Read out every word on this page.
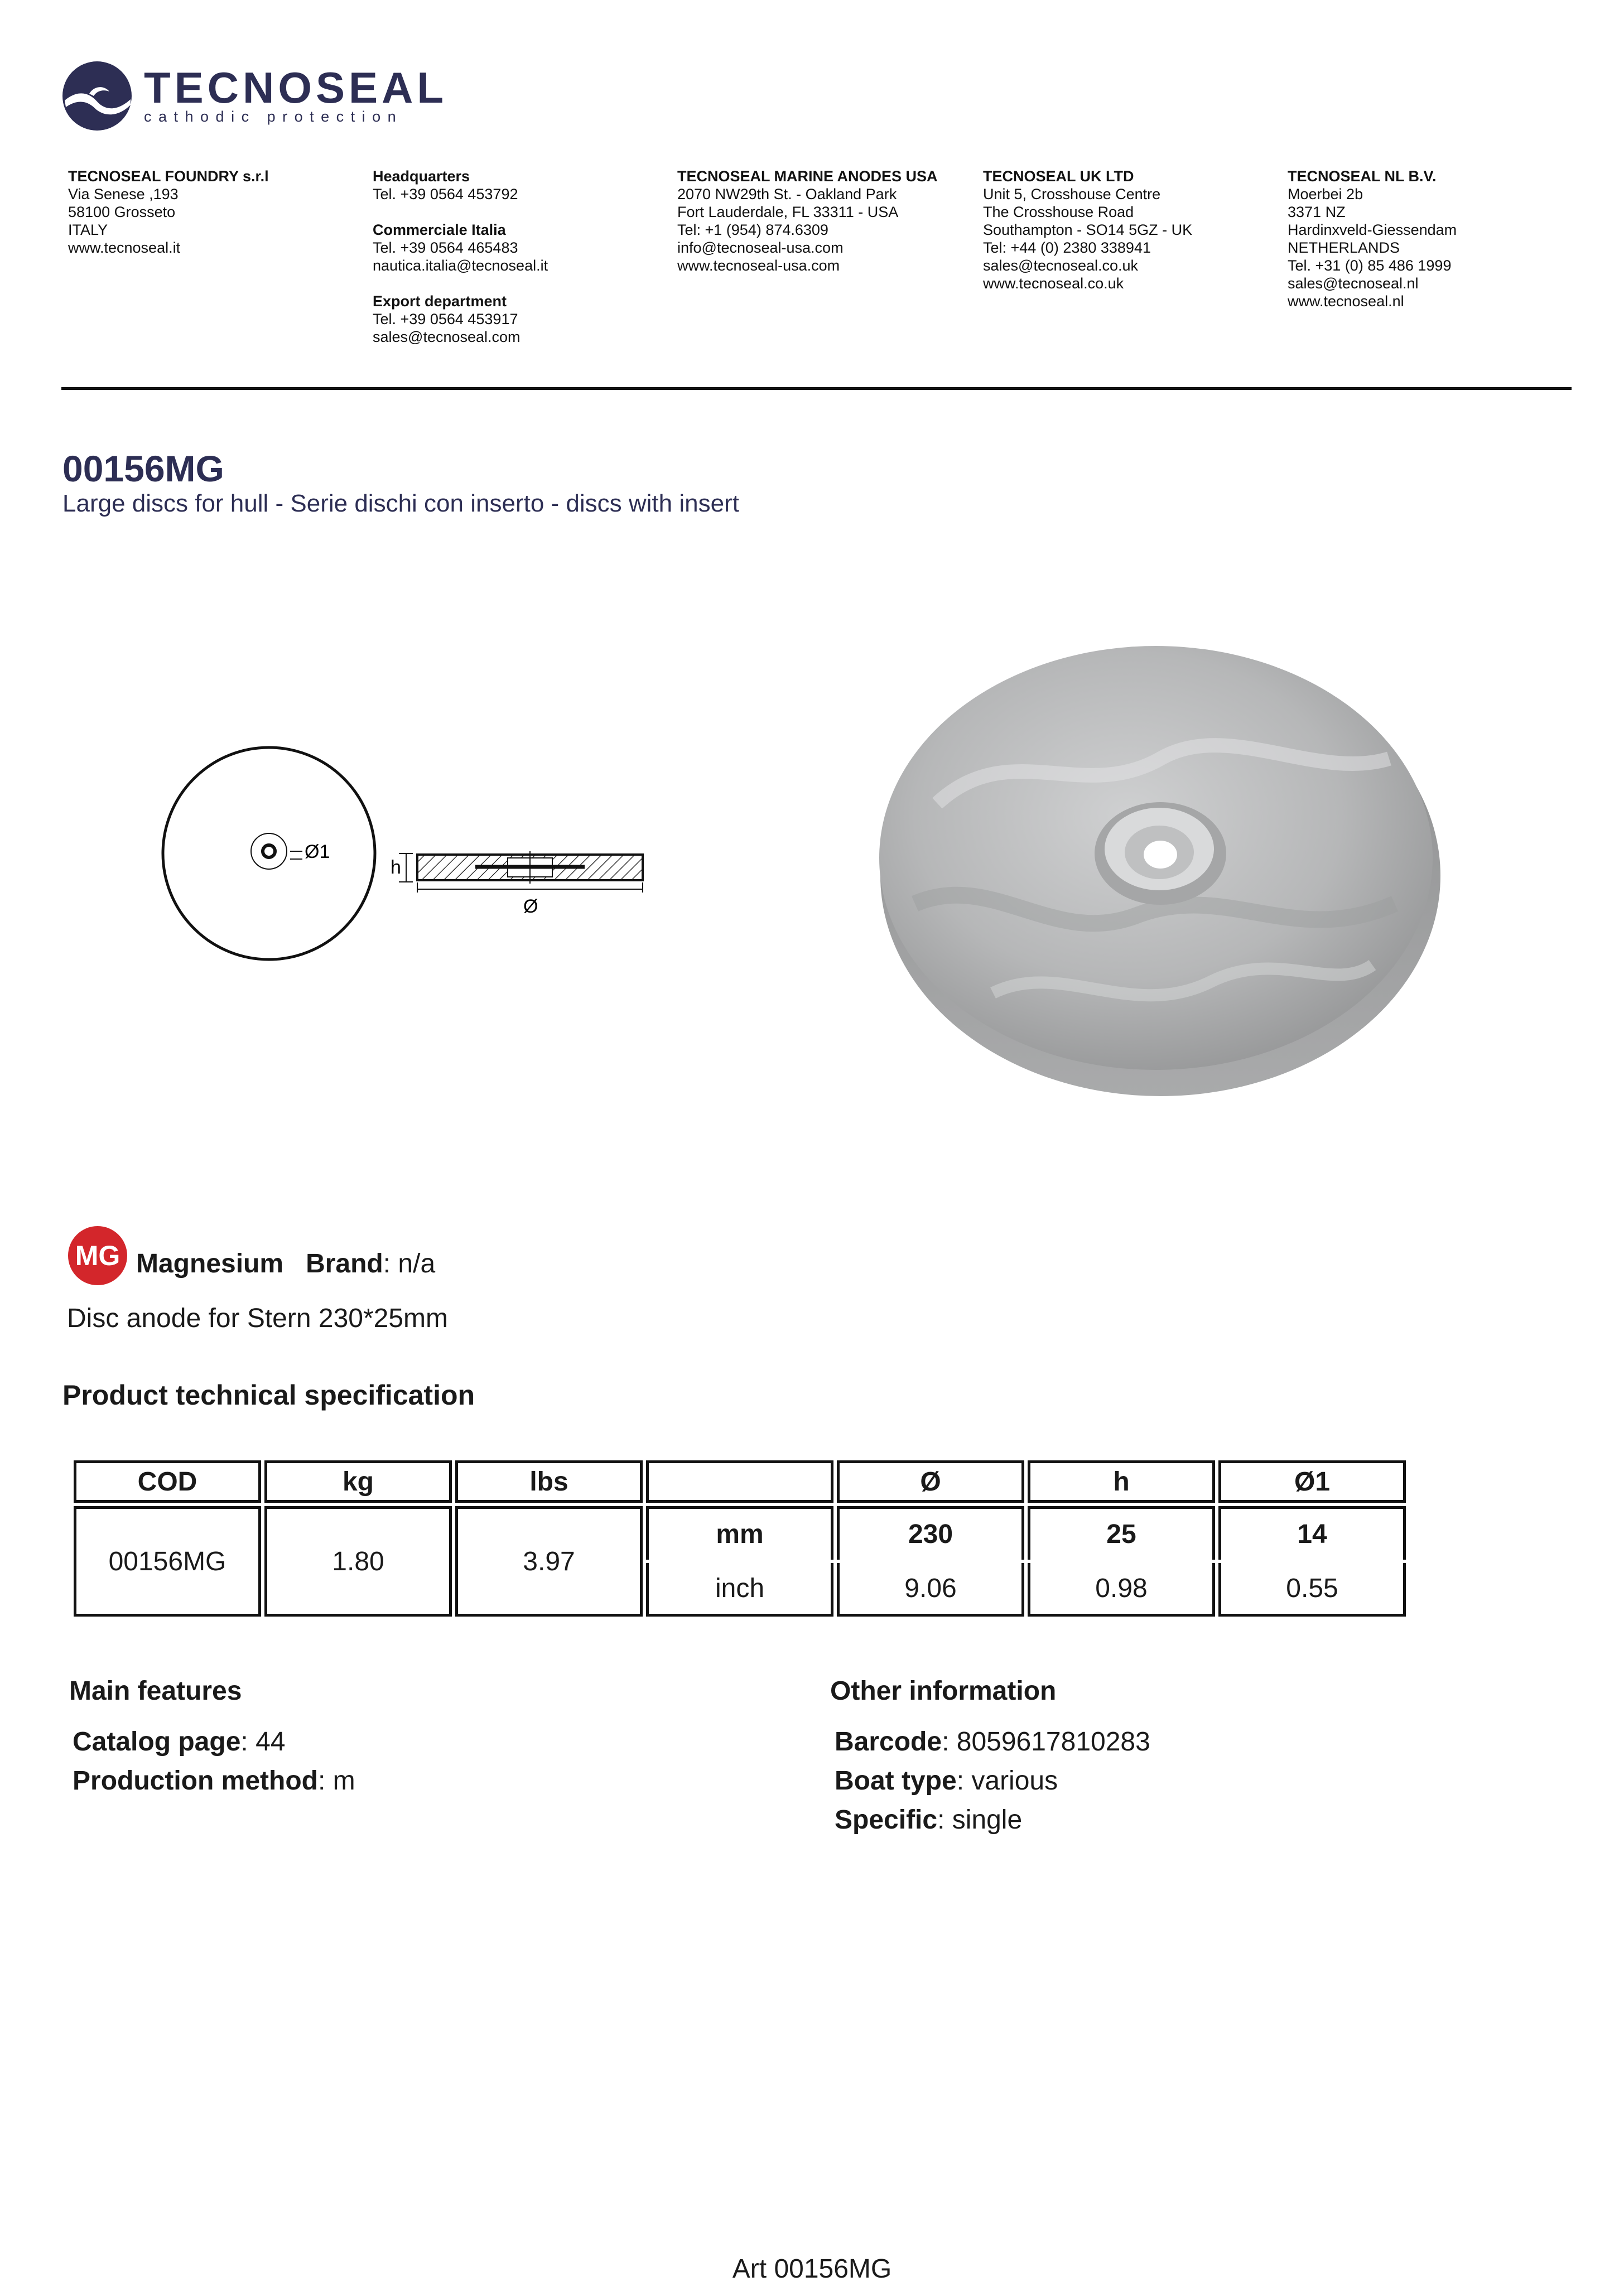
TECNOSEAL
cathodic protection
TECNOSEAL FOUNDRY s.r.l
Via Senese ,193
58100 Grosseto
ITALY
www.tecnoseal.it
Headquarters
Tel. +39 0564 453792
Commerciale Italia
Tel. +39 0564 465483
nautica.italia@tecnoseal.it
Export department
Tel. +39 0564 453917
sales@tecnoseal.com
TECNOSEAL MARINE ANODES USA
2070 NW29th St. - Oakland Park
Fort Lauderdale, FL 33311 - USA
Tel: +1 (954) 874.6309
info@tecnoseal-usa.com
www.tecnoseal-usa.com
TECNOSEAL UK LTD
Unit 5, Crosshouse Centre
The Crosshouse Road
Southampton - SO14 5GZ - UK
Tel: +44 (0) 2380 338941
sales@tecnoseal.co.uk
www.tecnoseal.co.uk
TECNOSEAL NL B.V.
Moerbei 2b
3371 NZ
Hardinxveld-Giessendam
NETHERLANDS
Tel. +31 (0) 85 486 1999
sales@tecnoseal.nl
www.tecnoseal.nl
00156MG
Large discs for hull - Serie dischi con inserto - discs with insert
Ø1
h
Ø
MG Magnesium Brand: n/a
Disc anode for Stern 230*25mm
Product technical specification
COD	kg	lbs		Ø	h	Ø1
00156MG	1.80	3.97	mm	230	25	14
			inch	9.06	0.98	0.55
Main features
Catalog page: 44
Production method: m
Other information
Barcode: 8059617810283
Boat type: various
Specific: single
Art 00156MG
